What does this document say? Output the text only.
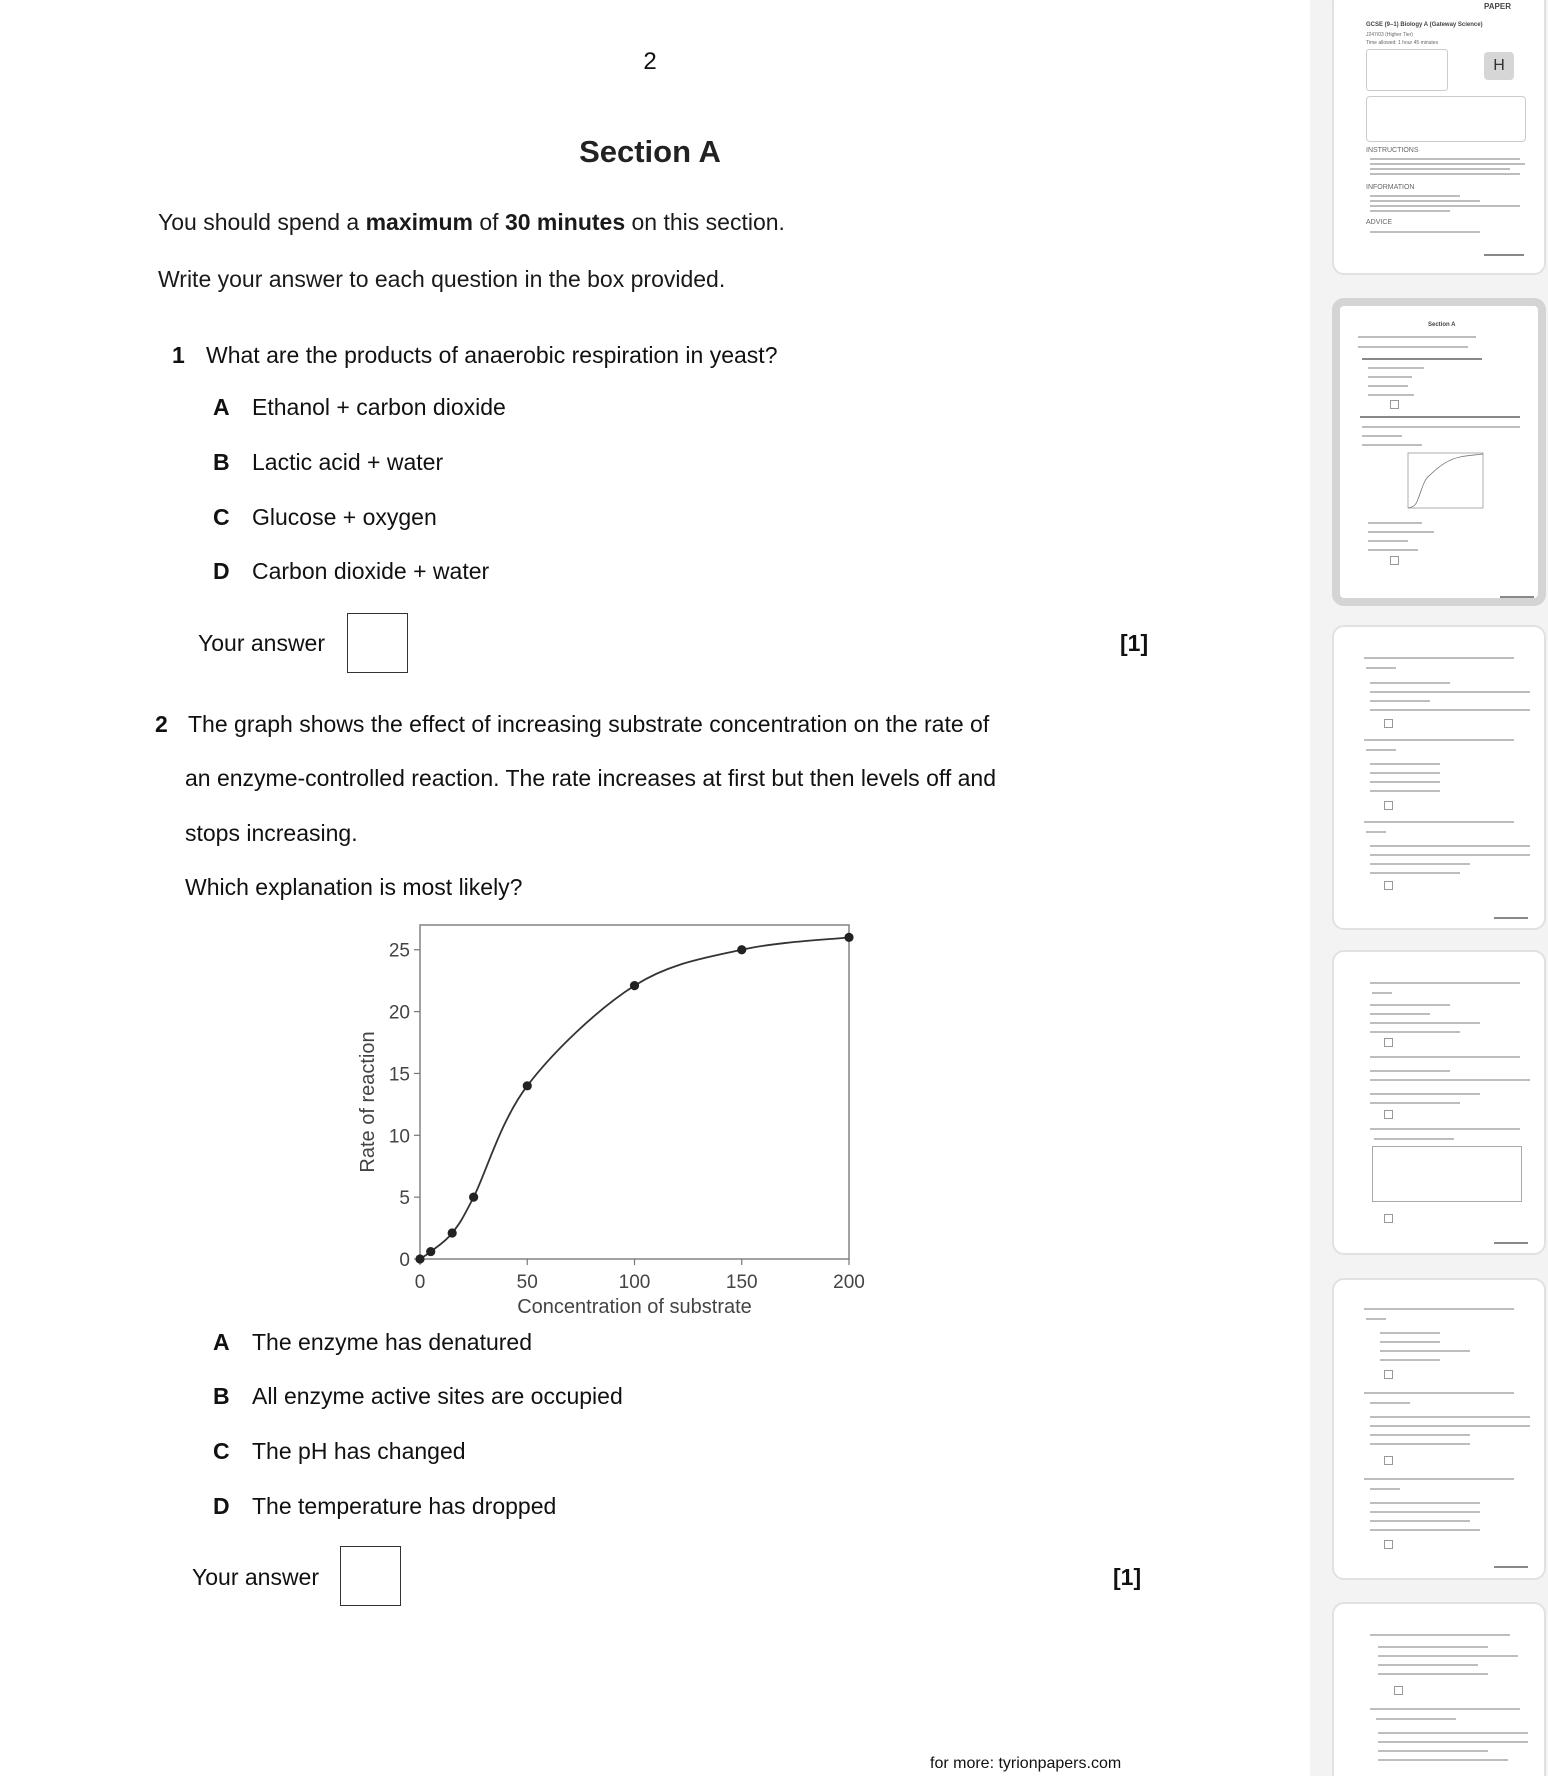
2
Section A
You should spend a maximum of 30 minutes on this section.
Write your answer to each question in the box provided.
1 What are the products of anaerobic respiration in yeast?
A Ethanol + carbon dioxide
B Lactic acid + water
C Glucose + oxygen
D Carbon dioxide + water
Your answer	[1]
2 The graph shows the effect of increasing substrate concentration on the rate of
an enzyme-controlled reaction. The rate increases at first but then levels off and
stops increasing.
Which explanation is most likely?
0
5
10
15
20
25
0	50	100	150	200
Concentration of substrate
Rate of reaction
A The enzyme has denatured
B All enzyme active sites are occupied
C The pH has changed
D The temperature has dropped
Your answer	[1]
for more: tyrionpapers.com
PAPER
GCSE (9–1) Biology A (Gateway Science)
J247/03 (Higher Tier)
Time allowed: 1 hour 45 minutes
H
INSTRUCTIONS
INFORMATION
ADVICE
Section A
